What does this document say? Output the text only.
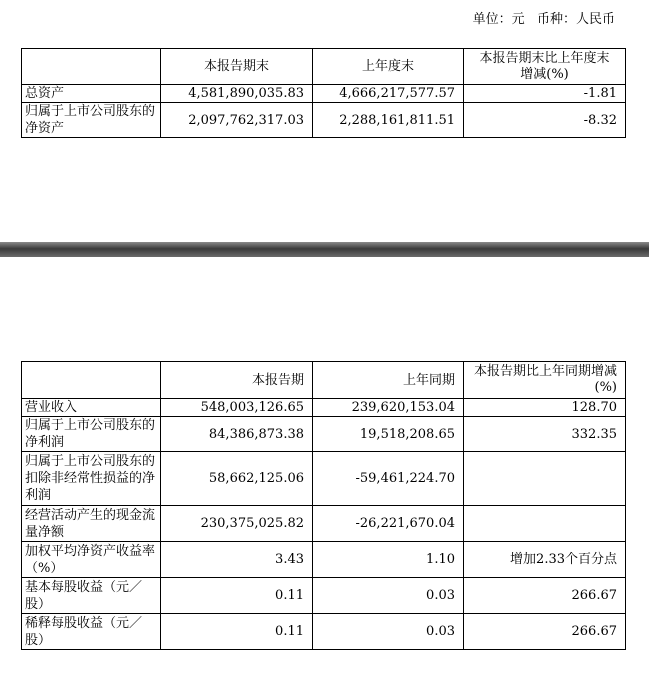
单位：元   币种：人民币
	本报告期末	上年度末	本报告期末比上年度末
增减(%)

总资产	4,581,890,035.83	4,666,217,577.57	-1.81
归属于上市公司股东的净资产	2,097,762,317.03	2,288,161,811.51	-8.32
	本报告期	上年同期	本报告期比上年同期增减(%)
营业收入	548,003,126.65	239,620,153.04	128.70
归属于上市公司股东的净利润	84,386,873.38	19,518,208.65	332.35
归属于上市公司股东的扣除非经常性损益的净利润	58,662,125.06	-59,461,224.70	
经营活动产生的现金流量净额	230,375,025.82	-26,221,670.04	
加权平均净资产收益率（%）	3.43	1.10	增加2.33个百分点
基本每股收益（元／股）	0.11	0.03	266.67
稀释每股收益（元／股）	0.11	0.03	266.67
